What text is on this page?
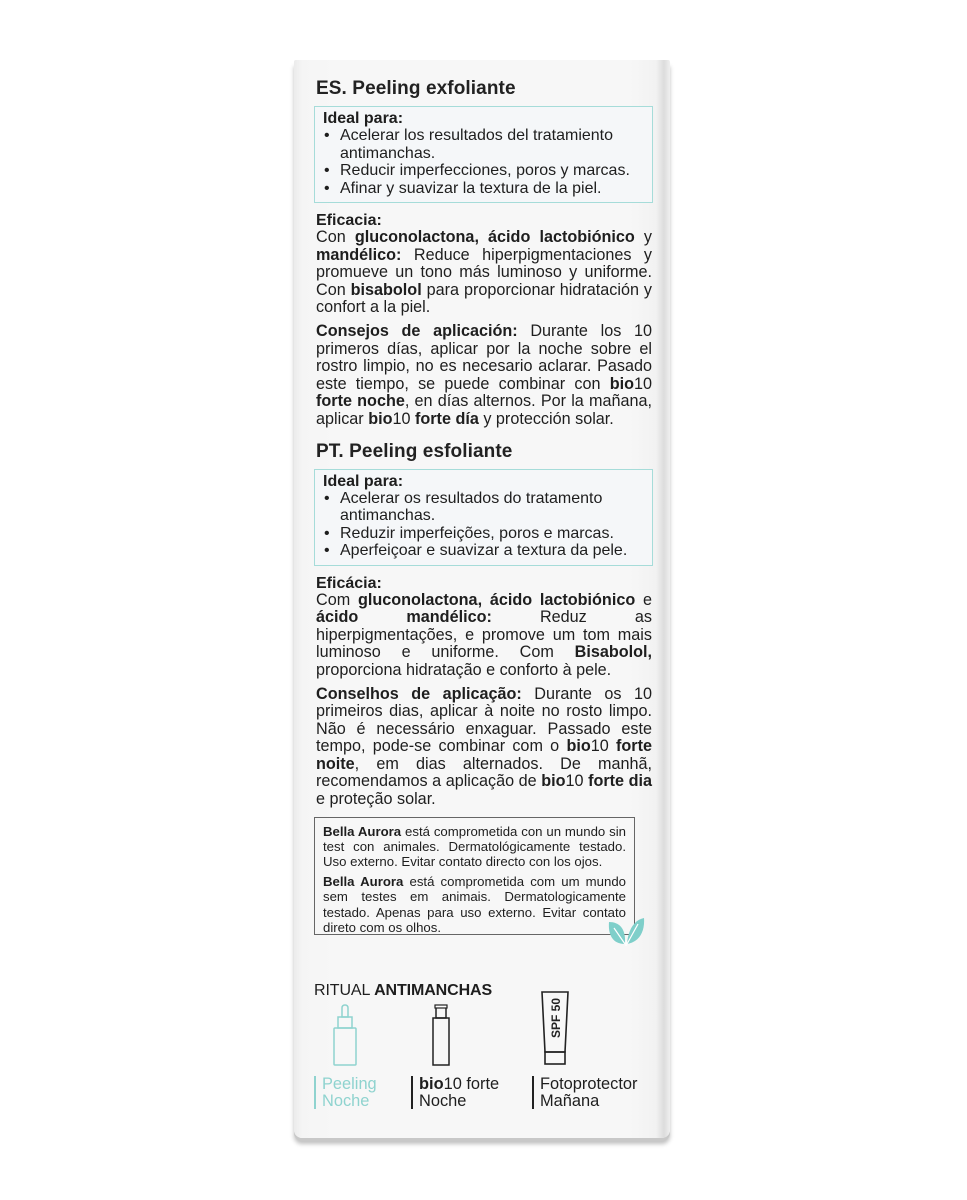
ES. Peeling exfoliante
Ideal para:
• Acelerar los resultados del tratamiento antimanchas.
• Reducir imperfecciones, poros y marcas.
• Afinar y suavizar la textura de la piel.
Eficacia:
Con gluconolactona, ácido lactobiónico y mandélico: Reduce hiperpigmentaciones y promueve un tono más luminoso y uniforme. Con bisabolol para proporcionar hidratación y confort a la piel.
Consejos de aplicación: Durante los 10 primeros días, aplicar por la noche sobre el rostro limpio, no es necesario aclarar. Pasado este tiempo, se puede combinar con bio10 forte noche, en días alternos. Por la mañana, aplicar bio10 forte día y protección solar.
PT. Peeling esfoliante
Ideal para:
• Acelerar os resultados do tratamento antimanchas.
• Reduzir imperfeições, poros e marcas.
• Aperfeiçoar e suavizar a textura da pele.
Eficácia:
Com gluconolactona, ácido lactobiónico e ácido mandélico: Reduz as hiperpigmentações, e promove um tom mais luminoso e uniforme. Com Bisabolol, proporciona hidratação e conforto à pele.
Conselhos de aplicação: Durante os 10 primeiros dias, aplicar à noite no rosto limpo. Não é necessário enxaguar. Passado este tempo, pode-se combinar com o bio10 forte noite, em dias alternados. De manhã, recomendamos a aplicação de bio10 forte dia e proteção solar.

Bella Aurora está comprometida con un mundo sin test con animales. Dermatológicamente testado. Uso externo. Evitar contato directo con los ojos.

Bella Aurora está comprometida com um mundo sem testes em animais. Dermatologicamente testado. Apenas para uso externo. Evitar contato direto com os olhos.

RITUAL ANTIMANCHAS
Peeling
Noche
bio10 forte
Noche
SPF 50
Fotoprotector
Mañana
